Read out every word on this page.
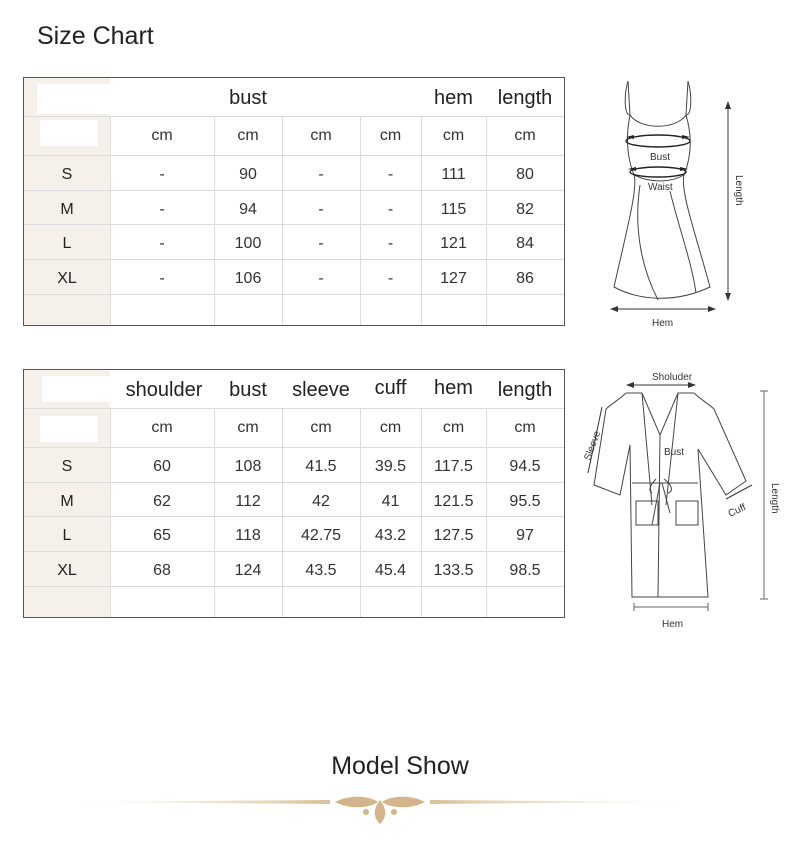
Size Chart
bust	hem	length
cm	cm	cm	cm	cm	cm
S	-	90	-	-	111	80
M	-	94	-	-	115	82
L	-	100	-	-	121	84
XL	-	106	-	-	127	86
Bust
Waist	Length
Hem
shoulder	bust	sleeve	cuff	hem	length
cm	cm	cm	cm	cm	cm
S	60	108	41.5	39.5	117.5	94.5
M	62	112	42	41	121.5	95.5
L	65	118	42.75	43.2	127.5	97
XL	68	124	43.5	45.4	133.5	98.5
Sholuder
Sleeve	Bust
Cuff Length
Hem
Model Show
